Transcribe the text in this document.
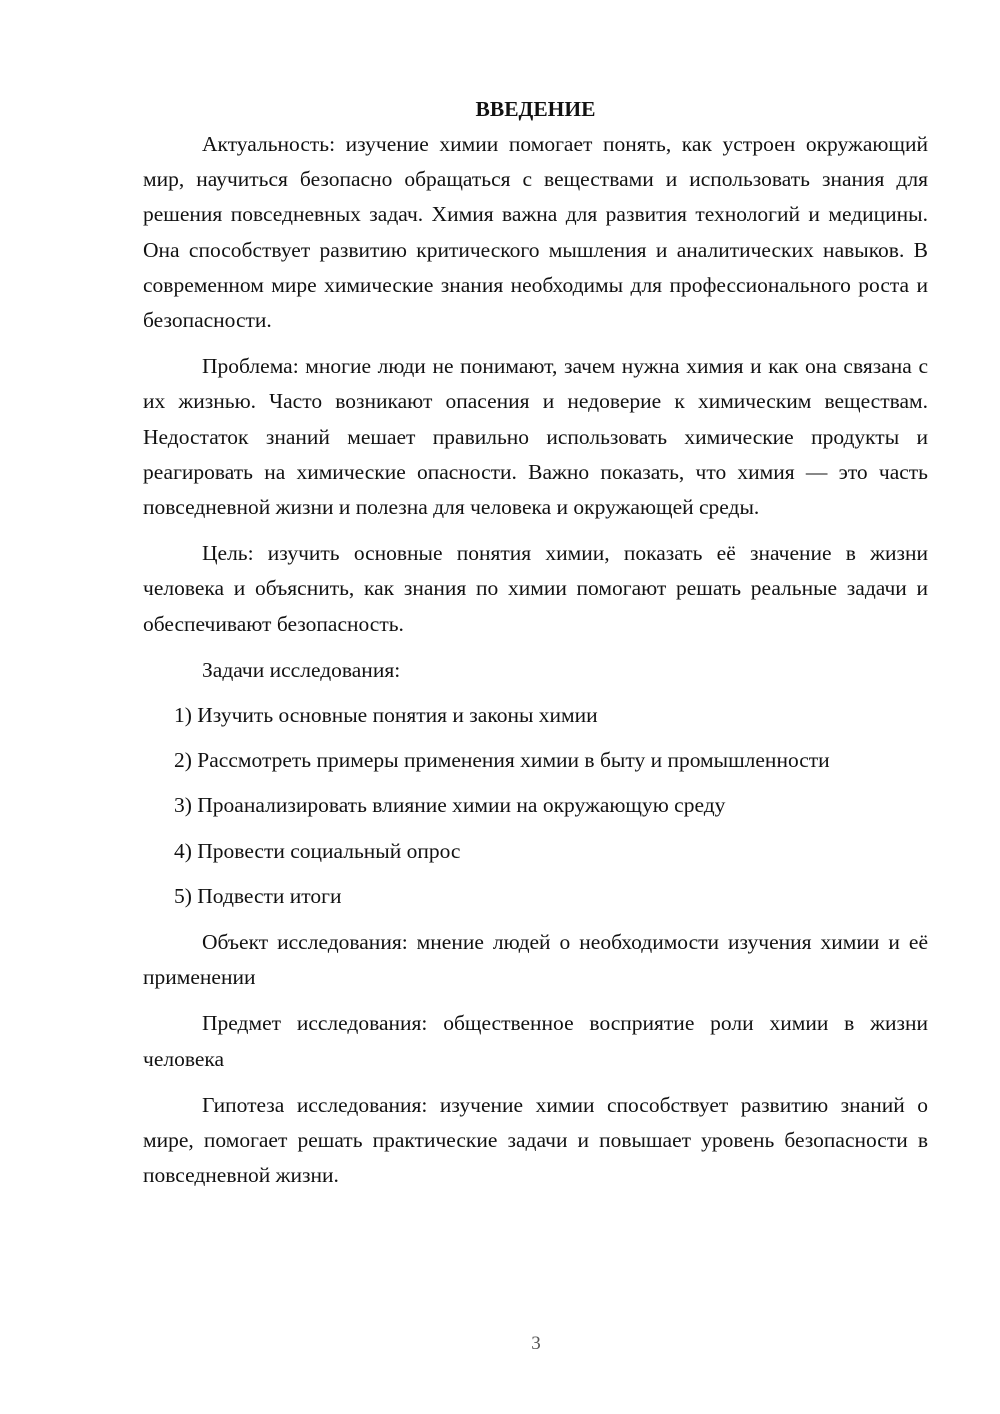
ВВЕДЕНИЕ

Актуальность: изучение химии помогает понять, как устроен окружающий мир, научиться безопасно обращаться с веществами и использовать знания для решения повседневных задач. Химия важна для развития технологий и медицины. Она способствует развитию критического мышления и аналитических навыков. В современном мире химические знания необходимы для профессионального роста и безопасности.

Проблема: многие люди не понимают, зачем нужна химия и как она связана с их жизнью. Часто возникают опасения и недоверие к химическим веществам. Недостаток знаний мешает правильно использовать химические продукты и реагировать на химические опасности. Важно показать, что химия — это часть повседневной жизни и полезна для человека и окружающей среды.

Цель: изучить основные понятия химии, показать её значение в жизни человека и объяснить, как знания по химии помогают решать реальные задачи и обеспечивают безопасность.

Задачи исследования:

1) Изучить основные понятия и законы химии
2) Рассмотреть примеры применения химии в быту и промышленности
3) Проанализировать влияние химии на окружающую среду
4) Провести социальный опрос
5) Подвести итоги

Объект исследования: мнение людей о необходимости изучения химии и её применении

Предмет исследования: общественное восприятие роли химии в жизни человека

Гипотеза исследования: изучение химии способствует развитию знаний о мире, помогает решать практические задачи и повышает уровень безопасности в повседневной жизни.

3
